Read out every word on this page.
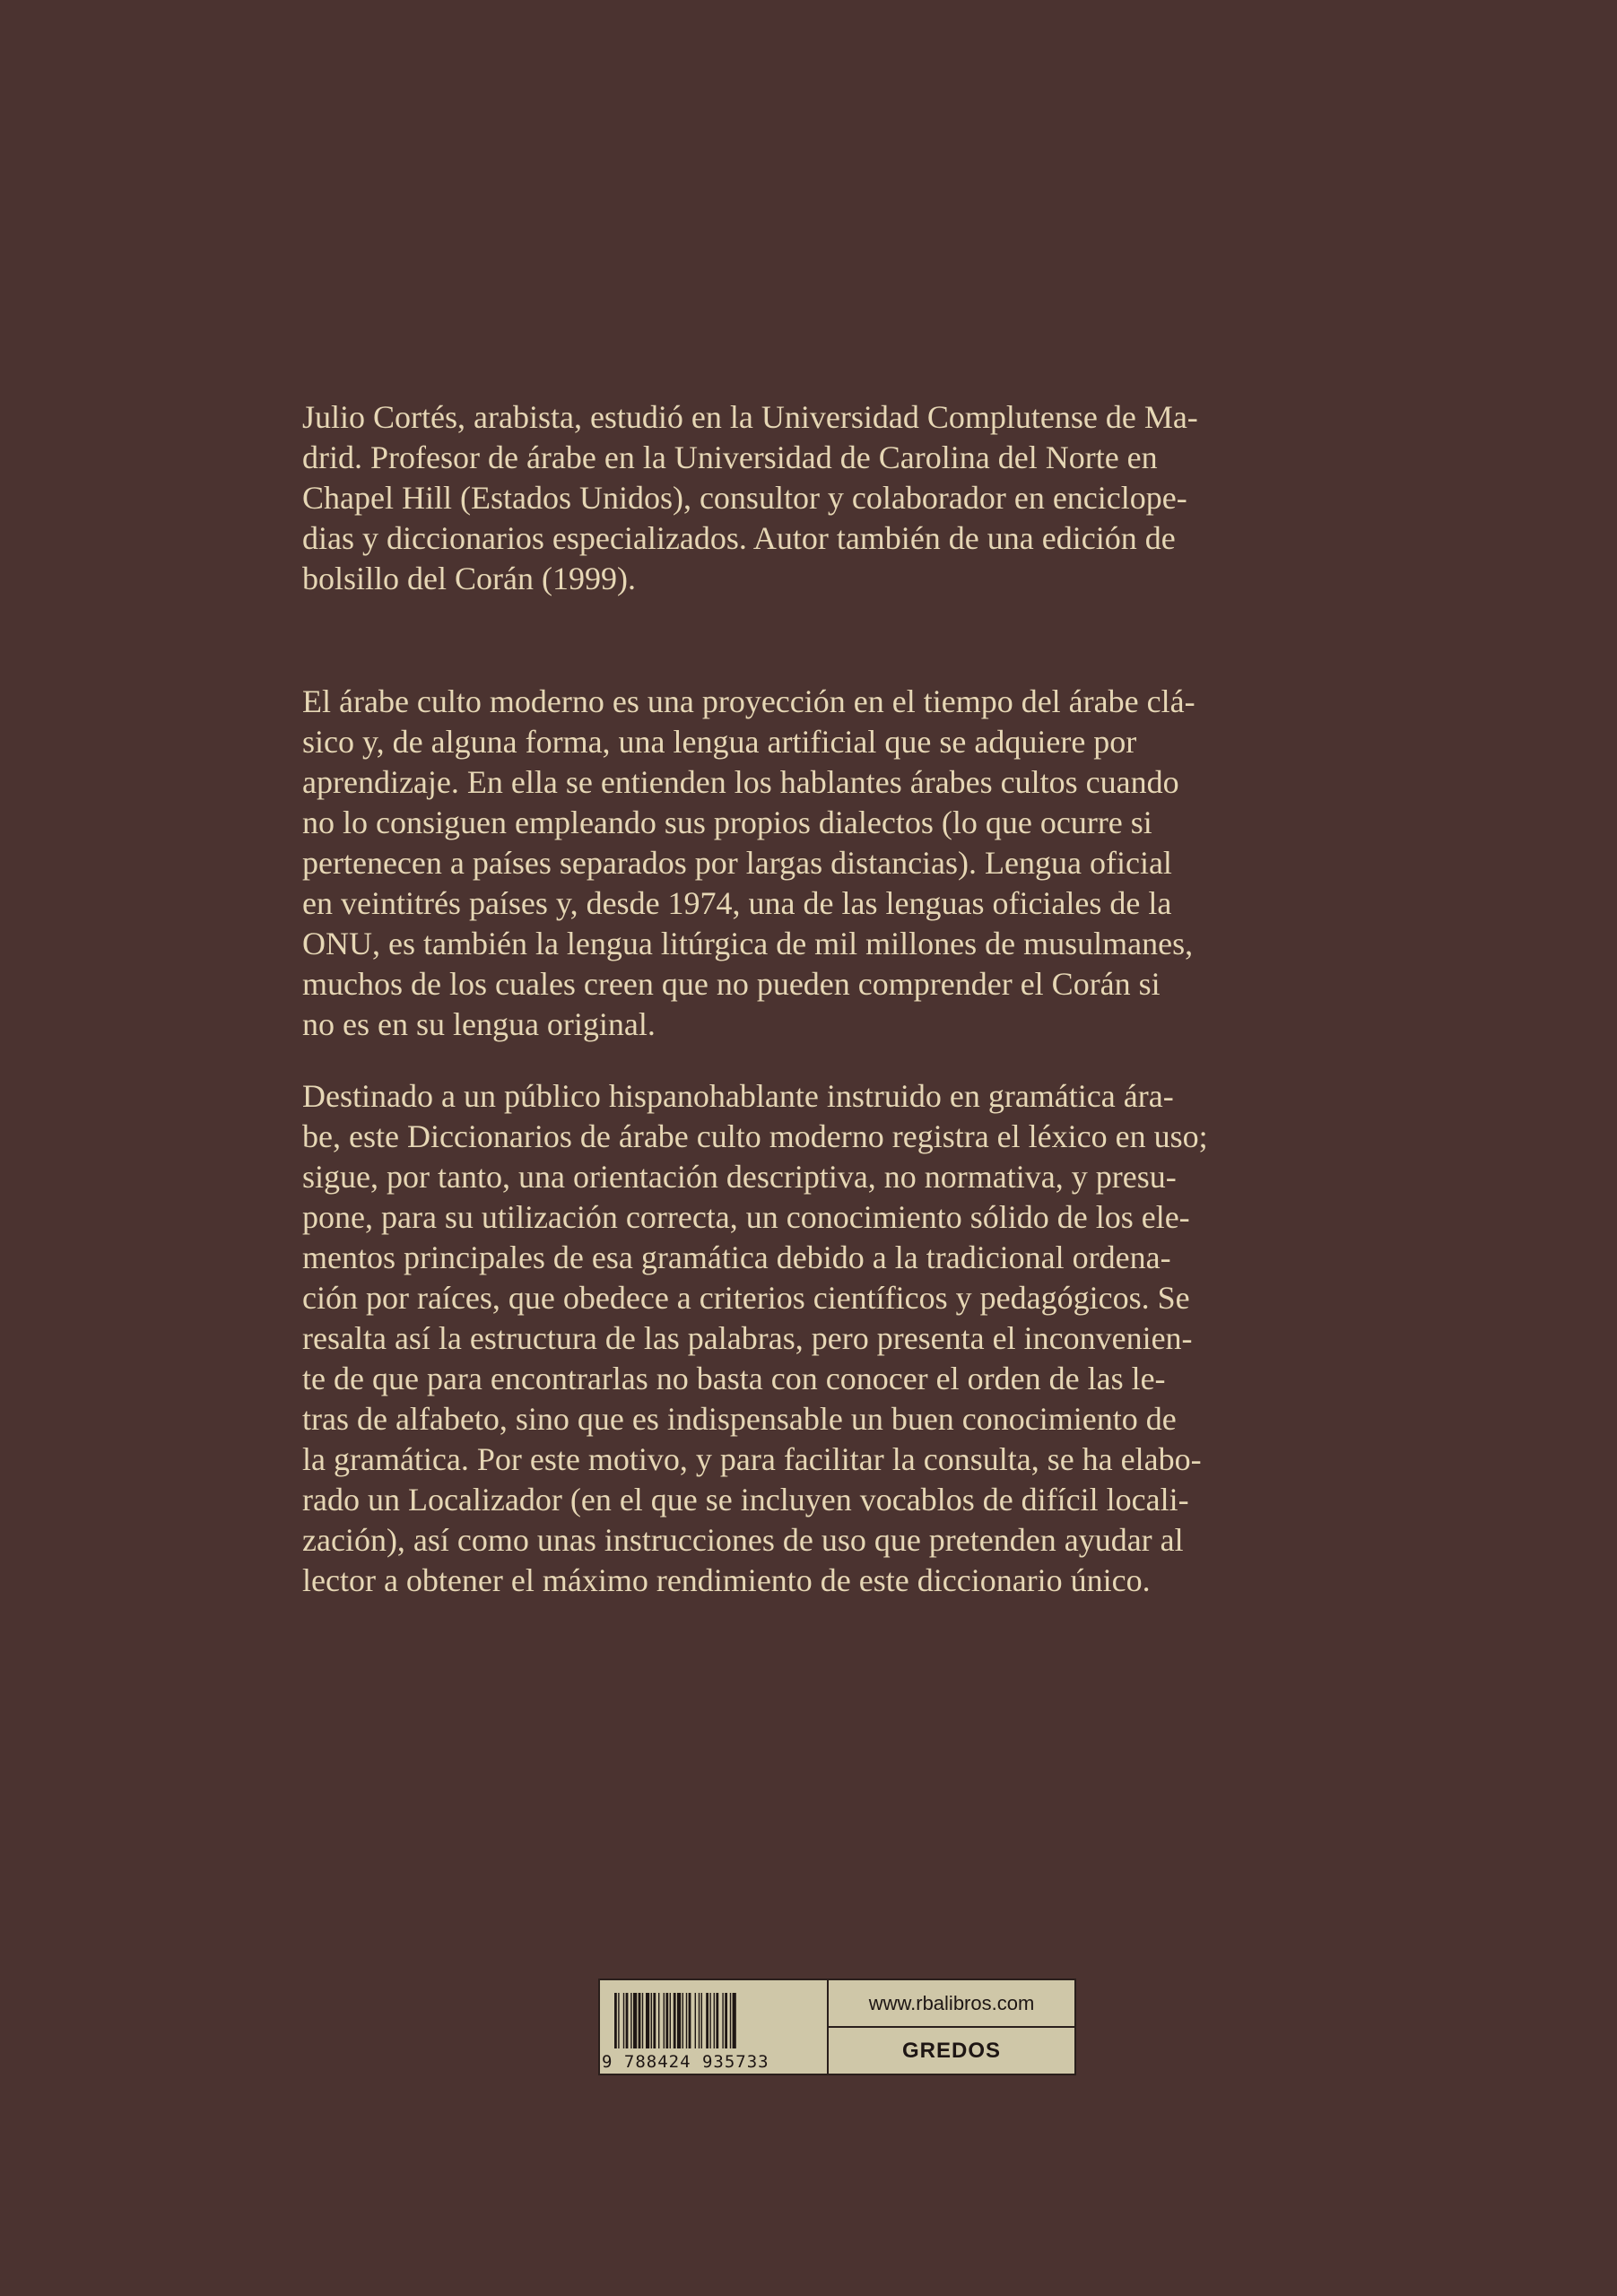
Julio Cortés, arabista, estudió en la Universidad Complutense de Ma-

drid. Profesor de árabe en la Universidad de Carolina del Norte en

Chapel Hill (Estados Unidos), consultor y colaborador en enciclope-

dias y diccionarios especializados. Autor también de una edición de

bolsillo del Corán (1999).

El árabe culto moderno es una proyección en el tiempo del árabe clá-

sico y, de alguna forma, una lengua artificial que se adquiere por

aprendizaje. En ella se entienden los hablantes árabes cultos cuando

no lo consiguen empleando sus propios dialectos (lo que ocurre si

pertenecen a países separados por largas distancias). Lengua oficial

en veintitrés países y, desde 1974, una de las lenguas oficiales de la

ONU, es también la lengua litúrgica de mil millones de musulmanes,

muchos de los cuales creen que no pueden comprender el Corán si

no es en su lengua original.

Destinado a un público hispanohablante instruido en gramática ára-

be, este Diccionarios de árabe culto moderno registra el léxico en uso;

sigue, por tanto, una orientación descriptiva, no normativa, y presu-

pone, para su utilización correcta, un conocimiento sólido de los ele-

mentos principales de esa gramática debido a la tradicional ordena-

ción por raíces, que obedece a criterios científicos y pedagógicos. Se

resalta así la estructura de las palabras, pero presenta el inconvenien-

te de que para encontrarlas no basta con conocer el orden de las le-

tras de alfabeto, sino que es indispensable un buen conocimiento de

la gramática. Por este motivo, y para facilitar la consulta, se ha elabo-

rado un Localizador (en el que se incluyen vocablos de difícil locali-

zación), así como unas instrucciones de uso que pretenden ayudar al

lector a obtener el máximo rendimiento de este diccionario único.

9 788424 935733
www.rbalibros.com
GREDOS
